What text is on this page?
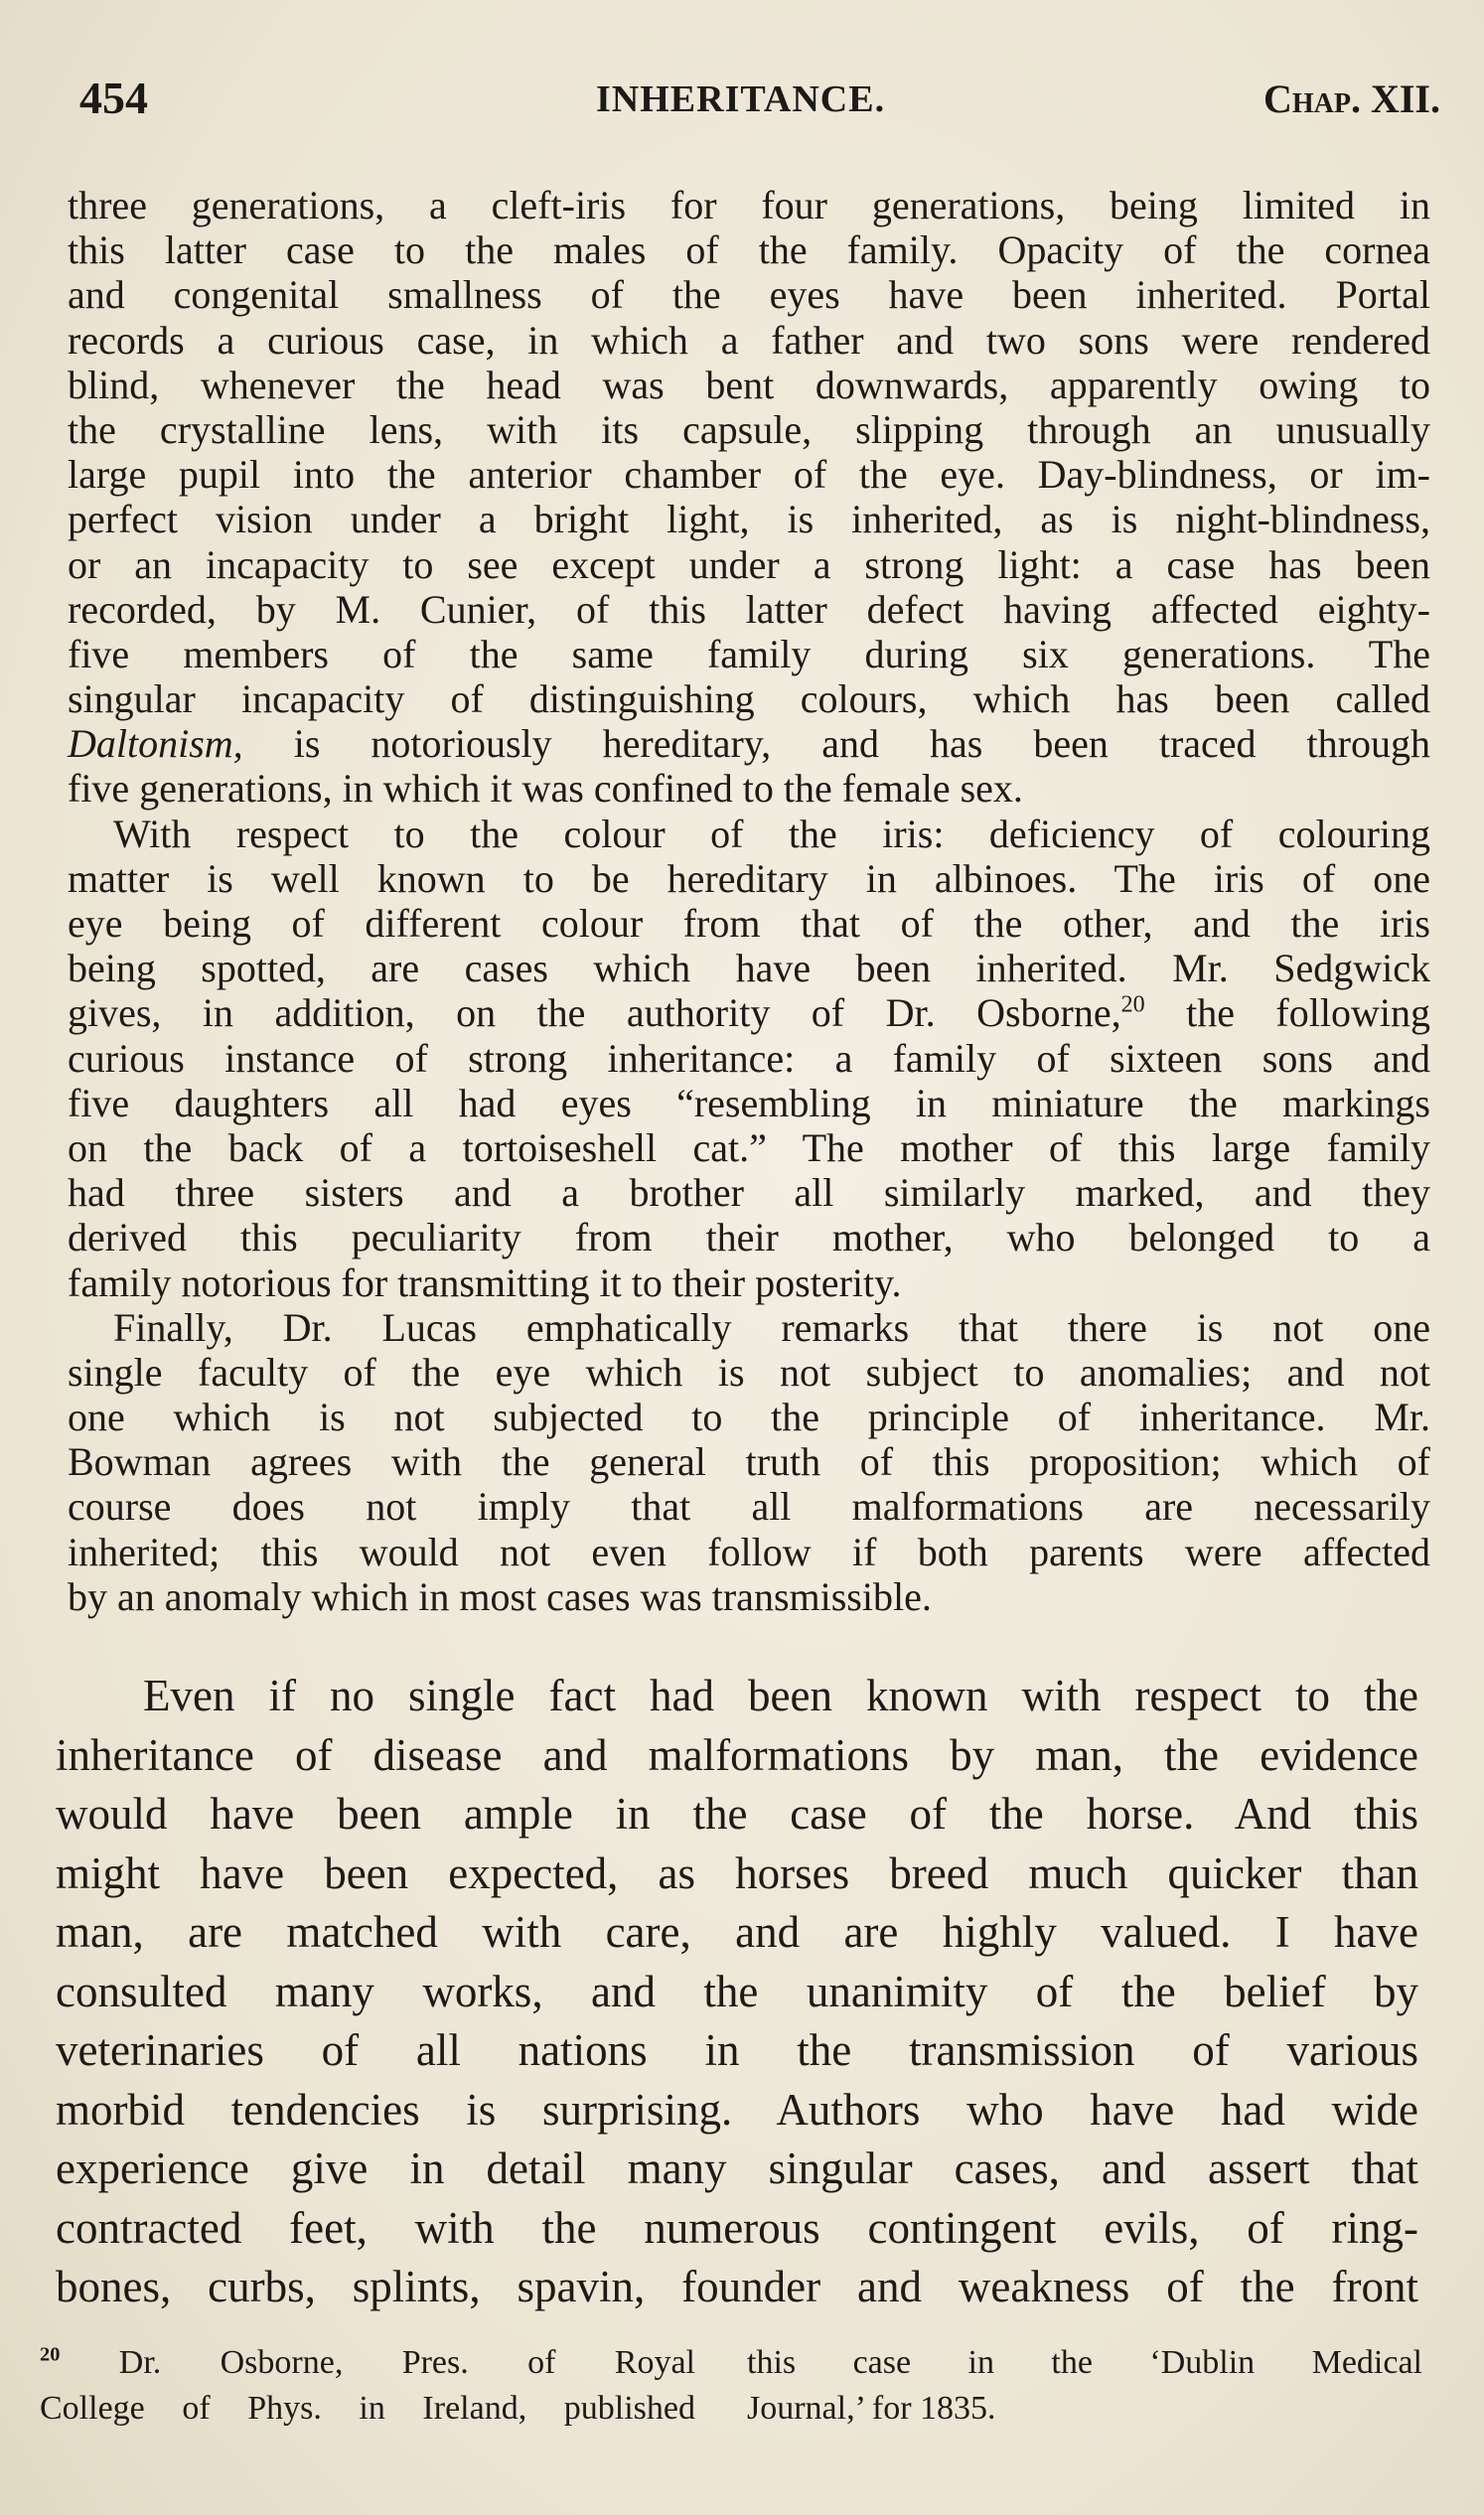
454	INHERITANCE.	Chap. XII.
three generations, a cleft-iris for four generations, being limited in
this latter case to the males of the family. Opacity of the cornea
and congenital smallness of the eyes have been inherited. Portal
records a curious case, in which a father and two sons were rendered
blind, whenever the head was bent downwards, apparently owing to
the crystalline lens, with its capsule, slipping through an unusually
large pupil into the anterior chamber of the eye. Day-blindness, or im-
perfect vision under a bright light, is inherited, as is night-blindness,
or an incapacity to see except under a strong light: a case has been
recorded, by M. Cunier, of this latter defect having affected eighty-
five members of the same family during six generations. The
singular incapacity of distinguishing colours, which has been called
Daltonism, is notoriously hereditary, and has been traced through
five generations, in which it was confined to the female sex.
With respect to the colour of the iris: deficiency of colouring
matter is well known to be hereditary in albinoes. The iris of one
eye being of different colour from that of the other, and the iris
being spotted, are cases which have been inherited. Mr. Sedgwick
gives, in addition, on the authority of Dr. Osborne,$^{20}$ the following
curious instance of strong inheritance: a family of sixteen sons and
five daughters all had eyes “resembling in miniature the markings
on the back of a tortoiseshell cat.” The mother of this large family
had three sisters and a brother all similarly marked, and they
derived this peculiarity from their mother, who belonged to a
family notorious for transmitting it to their posterity.
Finally, Dr. Lucas emphatically remarks that there is not one
single faculty of the eye which is not subject to anomalies; and not
one which is not subjected to the principle of inheritance. Mr.
Bowman agrees with the general truth of this proposition; which of
course does not imply that all malformations are necessarily
inherited; this would not even follow if both parents were affected
by an anomaly which in most cases was transmissible.
Even if no single fact had been known with respect to the
inheritance of disease and malformations by man, the evidence
would have been ample in the case of the horse. And this
might have been expected, as horses breed much quicker than
man, are matched with care, and are highly valued. I have
consulted many works, and the unanimity of the belief by
veterinaries of all nations in the transmission of various
morbid tendencies is surprising. Authors who have had wide
experience give in detail many singular cases, and assert that
contracted feet, with the numerous contingent evils, of ring-
bones, curbs, splints, spavin, founder and weakness of the front
$^{20}$ Dr. Osborne, Pres. of Royal
College of Phys. in Ireland, published
this case in the ‘Dublin Medical
Journal,’ for 1835.
